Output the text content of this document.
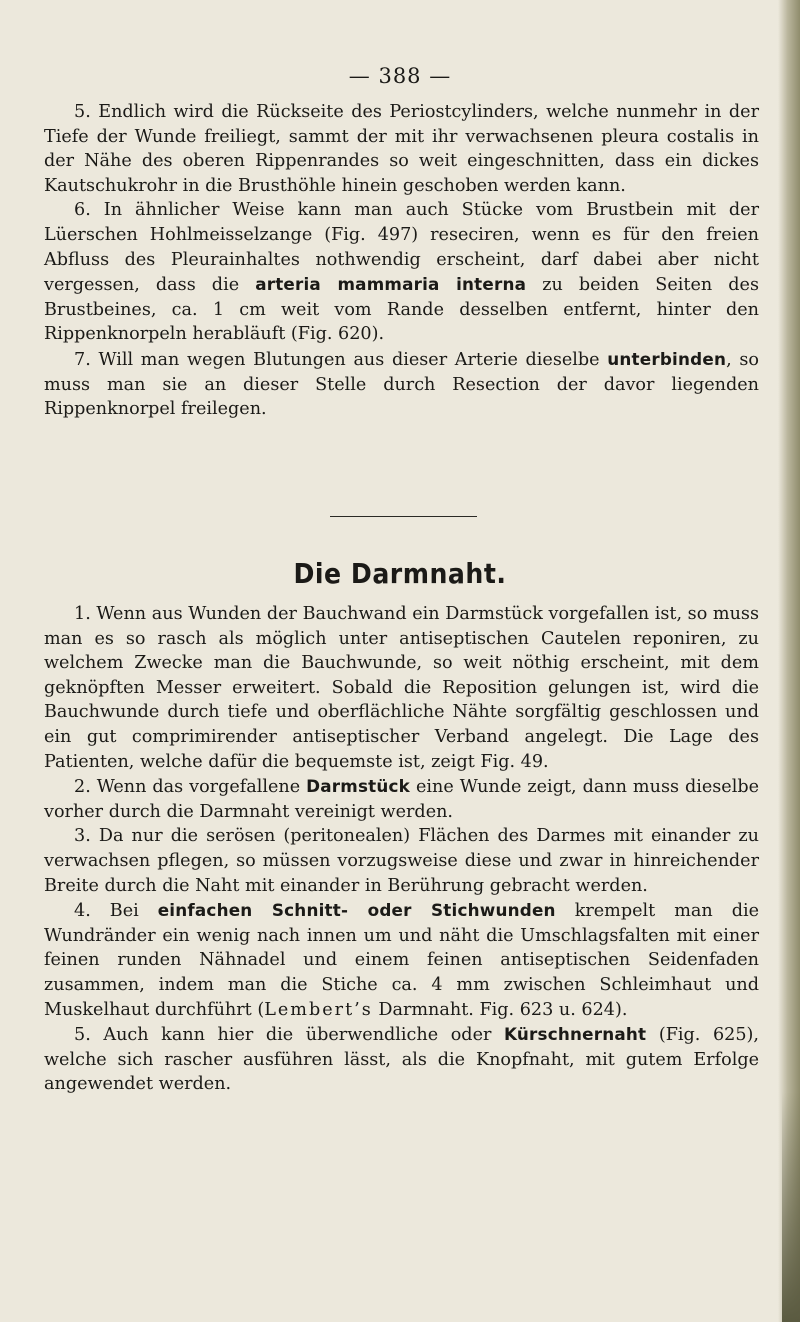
— 388 —

5. Endlich wird die Rückseite des Periostcylinders, welche nunmehr in der Tiefe der Wunde freiliegt, sammt der mit ihr verwachsenen pleura costalis in der Nähe des oberen Rippenrandes so weit eingeschnitten, dass ein dickes Kautschukrohr in die Brusthöhle hinein geschoben werden kann.

6. In ähnlicher Weise kann man auch Stücke vom Brustbein mit der Lüerschen Hohlmeisselzange (Fig. 497) reseciren, wenn es für den freien Abfluss des Pleurainhaltes nothwendig erscheint, darf dabei aber nicht vergessen, dass die arteria mammaria interna zu beiden Seiten des Brustbeines, ca. 1 cm weit vom Rande desselben entfernt, hinter den Rippenknorpeln herabläuft (Fig. 620).

7. Will man wegen Blutungen aus dieser Arterie dieselbe unterbinden, so muss man sie an dieser Stelle durch Resection der davor liegenden Rippenknorpel freilegen.

Die Darmnaht.

1. Wenn aus Wunden der Bauchwand ein Darmstück vorgefallen ist, so muss man es so rasch als möglich unter antiseptischen Cautelen reponiren, zu welchem Zwecke man die Bauchwunde, so weit nöthig erscheint, mit dem geknöpften Messer erweitert. Sobald die Reposition gelungen ist, wird die Bauchwunde durch tiefe und oberflächliche Nähte sorgfältig geschlossen und ein gut comprimirender antiseptischer Verband angelegt. Die Lage des Patienten, welche dafür die bequemste ist, zeigt Fig. 49.

2. Wenn das vorgefallene Darmstück eine Wunde zeigt, dann muss dieselbe vorher durch die Darmnaht vereinigt werden.

3. Da nur die serösen (peritonealen) Flächen des Darmes mit einander zu verwachsen pflegen, so müssen vorzugsweise diese und zwar in hinreichender Breite durch die Naht mit einander in Berührung gebracht werden.

4. Bei einfachen Schnitt- oder Stichwunden krempelt man die Wundränder ein wenig nach innen um und näht die Umschlagsfalten mit einer feinen runden Nähnadel und einem feinen antiseptischen Seidenfaden zusammen, indem man die Stiche ca. 4 mm zwischen Schleimhaut und Muskelhaut durchführt (Lembert’s Darmnaht. Fig. 623 u. 624).

5. Auch kann hier die überwendliche oder Kürschnernaht (Fig. 625), welche sich rascher ausführen lässt, als die Knopfnaht, mit gutem Erfolge angewendet werden.
